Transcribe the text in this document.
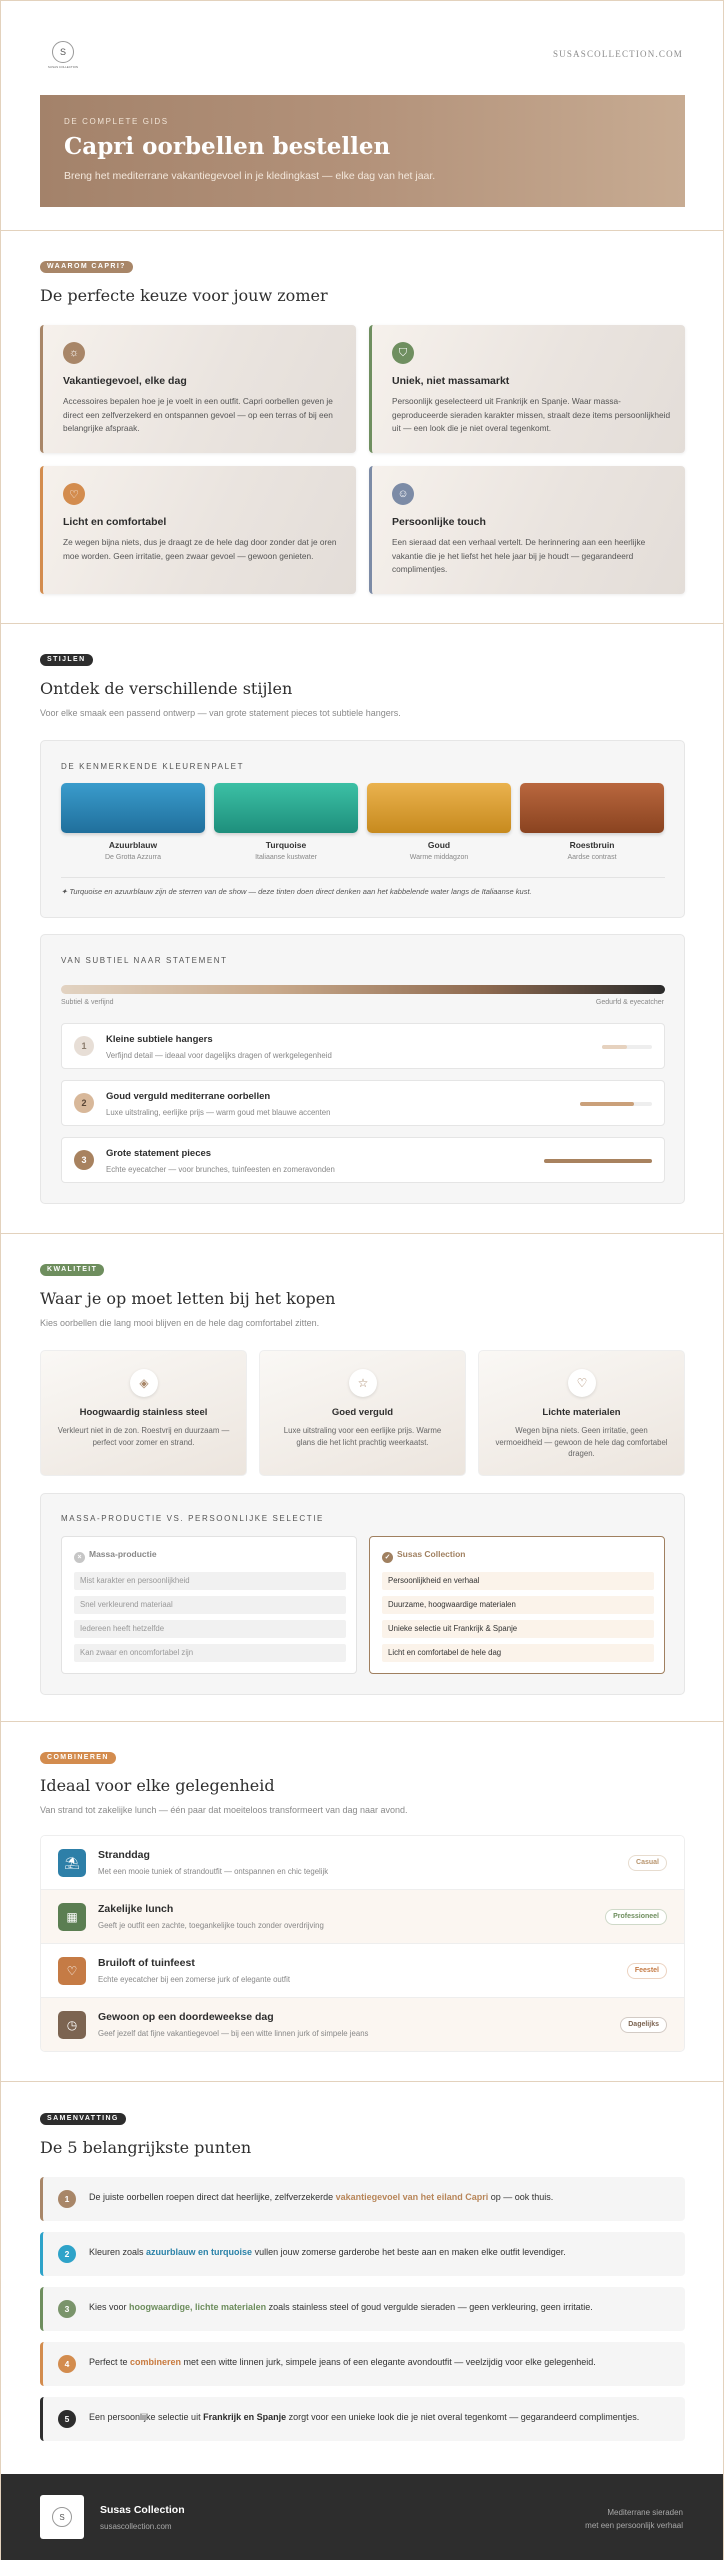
S
SUSAS COLLECTION
SUSASCOLLECTION.COM
DE COMPLETE GIDS
Capri oorbellen bestellen

Breng het mediterrane vakantiegevoel in je kledingkast — elke dag van het jaar.

WAAROM CAPRI?
De perfecte keuze voor jouw zomer
☼
Vakantiegevoel, elke dag
Accessoires bepalen hoe je je voelt in een outfit. Capri oorbellen geven je direct een zelfverzekerd en ontspannen gevoel — op een terras of bij een belangrijke afspraak.
⛉
Uniek, niet massamarkt
Persoonlijk geselecteerd uit Frankrijk en Spanje. Waar massa-geproduceerde sieraden karakter missen, straalt deze items persoonlijkheid uit — een look die je niet overal tegenkomt.
♡
Licht en comfortabel
Ze wegen bijna niets, dus je draagt ze de hele dag door zonder dat je oren moe worden. Geen irritatie, geen zwaar gevoel — gewoon genieten.
☺
Persoonlijke touch
Een sieraad dat een verhaal vertelt. De herinnering aan een heerlijke vakantie die je het liefst het hele jaar bij je houdt — gegarandeerd complimentjes.
STIJLEN
Ontdek de verschillende stijlen
Voor elke smaak een passend ontwerp — van grote statement pieces tot subtiele hangers.
DE KENMERKENDE KLEURENPALET
Azuurblauw
De Grotta Azzurra
Turquoise
Italiaanse kustwater
Goud
Warme middagzon
Roestbruin
Aardse contrast
✦ Turquoise en azuurblauw zijn de sterren van de show — deze tinten doen direct denken aan het kabbelende water langs de Italiaanse kust.
VAN SUBTIEL NAAR STATEMENT
Subtiel & verfijnd	Gedurfd & eyecatcher
1
Kleine subtiele hangers
Verfijnd detail — ideaal voor dagelijks dragen of werkgelegenheid
2
Goud verguld mediterrane oorbellen
Luxe uitstraling, eerlijke prijs — warm goud met blauwe accenten
3
Grote statement pieces
Echte eyecatcher — voor brunches, tuinfeesten en zomeravonden
KWALITEIT
Waar je op moet letten bij het kopen
Kies oorbellen die lang mooi blijven en de hele dag comfortabel zitten.
◈
Hoogwaardig stainless steel
Verkleurt niet in de zon. Roestvrij en duurzaam — perfect voor zomer en strand.
☆
Goed verguld
Luxe uitstraling voor een eerlijke prijs. Warme glans die het licht prachtig weerkaatst.
♡
Lichte materialen
Wegen bijna niets. Geen irritatie, geen vermoeidheid — gewoon de hele dag comfortabel dragen.
MASSA-PRODUCTIE VS. PERSOONLIJKE SELECTIE
× Massa-productie
Mist karakter en persoonlijkheid
Snel verkleurend materiaal
Iedereen heeft hetzelfde
Kan zwaar en oncomfortabel zijn
✓ Susas Collection
Persoonlijkheid en verhaal
Duurzame, hoogwaardige materialen
Unieke selectie uit Frankrijk & Spanje
Licht en comfortabel de hele dag
COMBINEREN
Ideaal voor elke gelegenheid
Van strand tot zakelijke lunch — één paar dat moeiteloos transformeert van dag naar avond.
⛱
Stranddag
Met een mooie tuniek of strandoutfit — ontspannen en chic tegelijk
Casual
▦
Zakelijke lunch
Geeft je outfit een zachte, toegankelijke touch zonder overdrijving
Professioneel
♡
Bruiloft of tuinfeest
Echte eyecatcher bij een zomerse jurk of elegante outfit
Feestel
◷
Gewoon op een doordeweekse dag
Geef jezelf dat fijne vakantiegevoel — bij een witte linnen jurk of simpele jeans
Dagelijks
SAMENVATTING
De 5 belangrijkste punten
1	De juiste oorbellen roepen direct dat heerlijke, zelfverzekerde vakantiegevoel van het eiland Capri op — ook thuis.
2	Kleuren zoals azuurblauw en turquoise vullen jouw zomerse garderobe het beste aan en maken elke outfit levendiger.
3	Kies voor hoogwaardige, lichte materialen zoals stainless steel of goud vergulde sieraden — geen verkleuring, geen irritatie.
4	Perfect te combineren met een witte linnen jurk, simpele jeans of een elegante avondoutfit — veelzijdig voor elke gelegenheid.
5	Een persoonlijke selectie uit Frankrijk en Spanje zorgt voor een unieke look die je niet overal tegenkomt — gegarandeerd complimentjes.
S
Susas Collection
susascollection.com
Mediterrane sieraden
met een persoonlijk verhaal
